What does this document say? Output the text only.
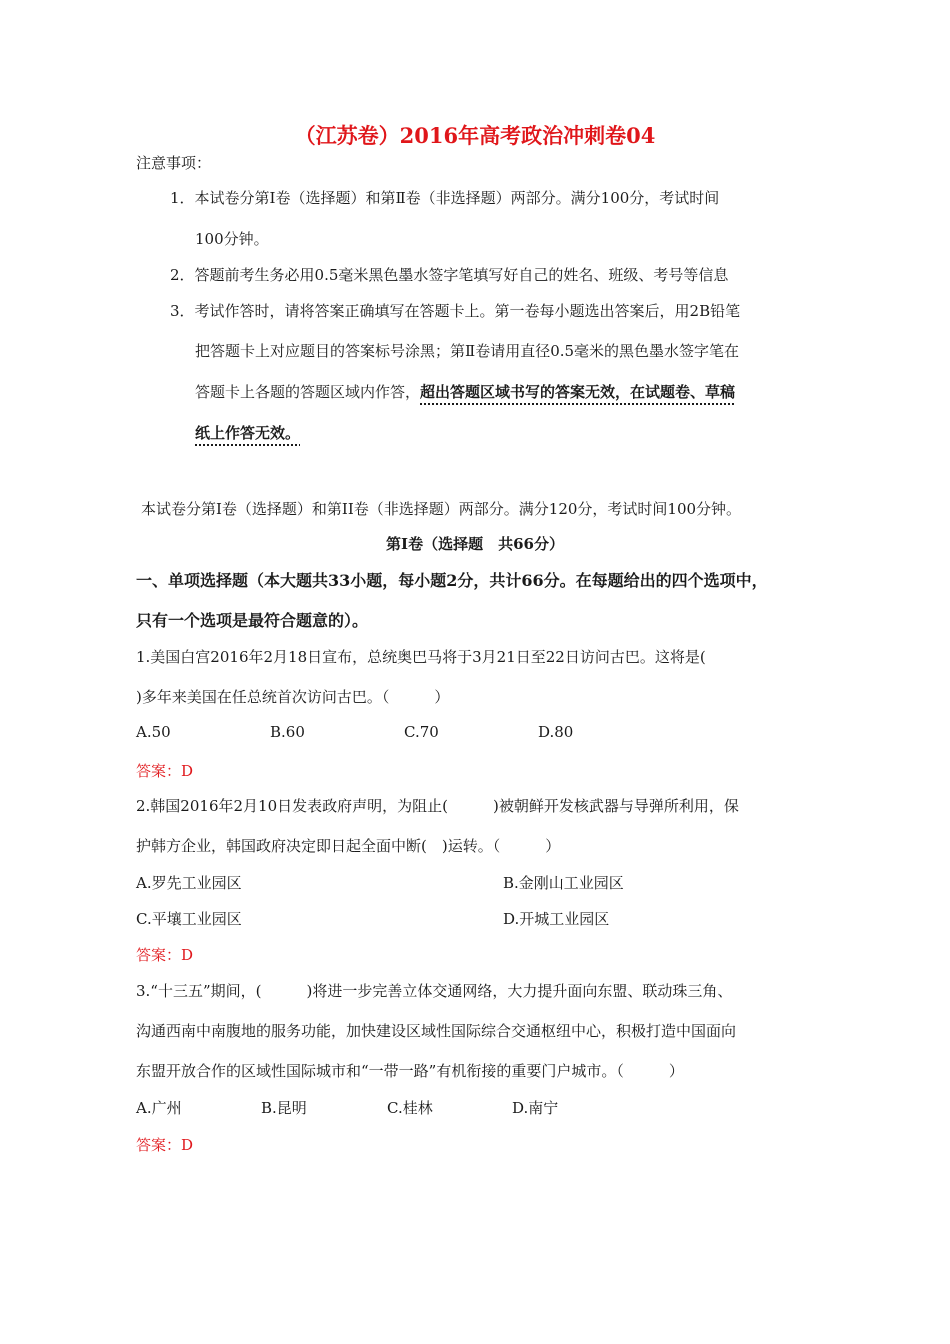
（江苏卷）2016年高考政治冲刺卷04
注意事项：
1．本试卷分第Ⅰ卷（选择题）和第Ⅱ卷（非选择题）两部分。满分100分，考试时间
100分钟。
2．答题前考生务必用0.5毫米黑色墨水签字笔填写好自己的姓名、班级、考号等信息
3．考试作答时，请将答案正确填写在答题卡上。第一卷每小题选出答案后，用2B铅笔
把答题卡上对应题目的答案标号涂黑；第Ⅱ卷请用直径0.5毫米的黑色墨水签字笔在
答题卡上各题的答题区域内作答，超出答题区域书写的答案无效，在试题卷、草稿
纸上作答无效。
本试卷分第I卷（选择题）和第II卷（非选择题）两部分。满分120分，考试时间100分钟。
第I卷（选择题　共66分）
一、单项选择题（本大题共33小题，每小题2分，共计66分。在每题给出的四个选项中，
只有一个选项是最符合题意的）。
1.美国白宫2016年2月18日宣布，总统奥巴马将于3月21日至22日访问古巴。这将是(
)多年来美国在任总统首次访问古巴。（　　　）
A.50	B.60	C.70	D.80
答案：D
2.韩国2016年2月10日发表政府声明，为阻止(　　　)被朝鲜开发核武器与导弹所利用，保
护韩方企业，韩国政府决定即日起全面中断(　)运转。（　　　）
A.罗先工业园区	B.金刚山工业园区
C.平壤工业园区	D.开城工业园区
答案：D
3.“十三五”期间，(　　　)将进一步完善立体交通网络，大力提升面向东盟、联动珠三角、
沟通西南中南腹地的服务功能，加快建设区域性国际综合交通枢纽中心，积极打造中国面向
东盟开放合作的区域性国际城市和“一带一路”有机衔接的重要门户城市。（　　　）
A.广州	B.昆明	C.桂林	D.南宁
答案：D
